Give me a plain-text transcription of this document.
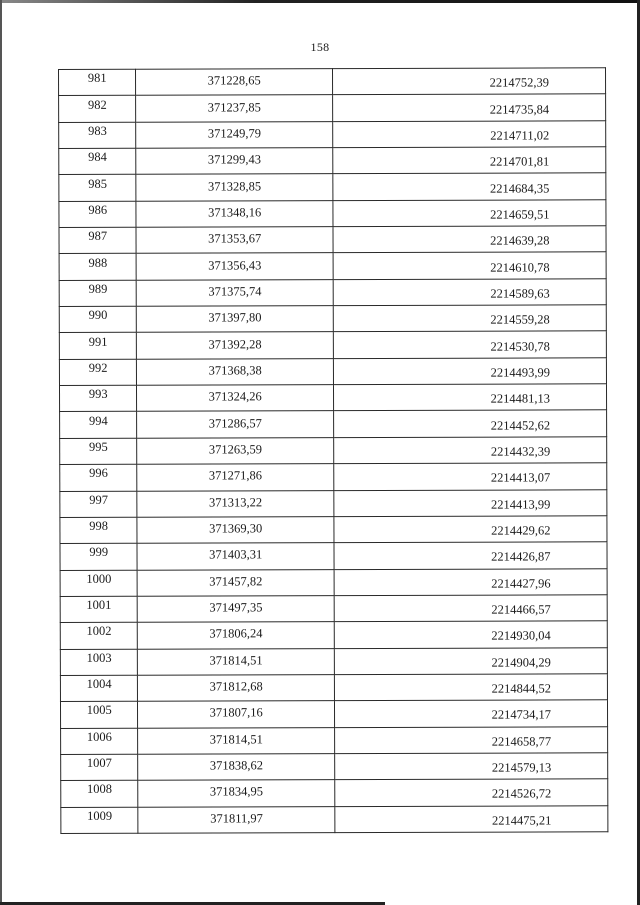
158
981	371228,65	2214752,39
982	371237,85	2214735,84
983	371249,79	2214711,02
984	371299,43	2214701,81
985	371328,85	2214684,35
986	371348,16	2214659,51
987	371353,67	2214639,28
988	371356,43	2214610,78
989	371375,74	2214589,63
990	371397,80	2214559,28
991	371392,28	2214530,78
992	371368,38	2214493,99
993	371324,26	2214481,13
994	371286,57	2214452,62
995	371263,59	2214432,39
996	371271,86	2214413,07
997	371313,22	2214413,99
998	371369,30	2214429,62
999	371403,31	2214426,87
1000	371457,82	2214427,96
1001	371497,35	2214466,57
1002	371806,24	2214930,04
1003	371814,51	2214904,29
1004	371812,68	2214844,52
1005	371807,16	2214734,17
1006	371814,51	2214658,77
1007	371838,62	2214579,13
1008	371834,95	2214526,72
1009	371811,97	2214475,21
